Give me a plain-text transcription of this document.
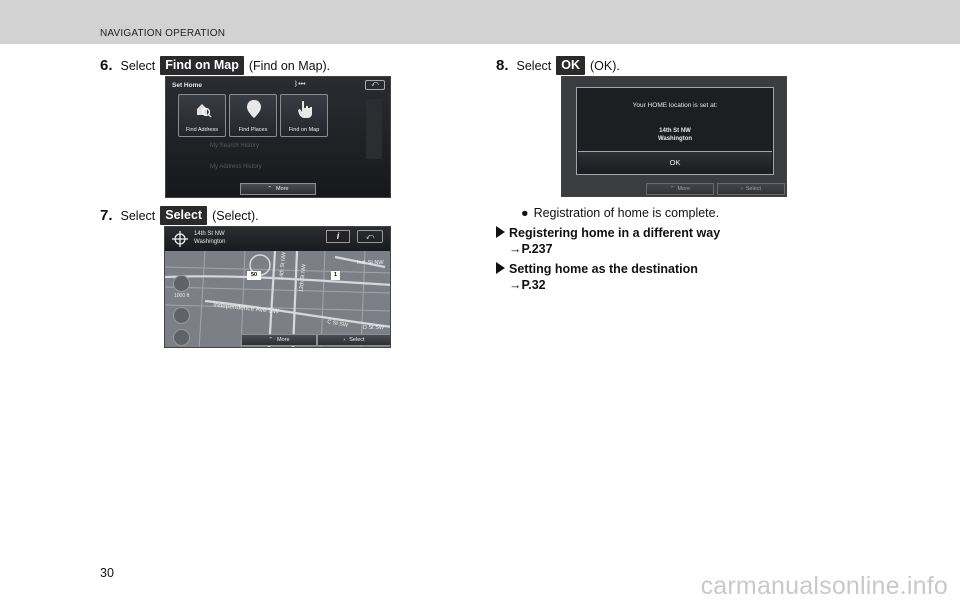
NAVIGATION OPERATION
6. Select Find on Map (Find on Map).
Set Home	ᛒ•••	⤺
Find Address	Find Places	Find on Map
My Search History
My Address History
⌃ More
7. Select Select (Select).
14th St NW
Washington
i	⤺
1000 ft
50	1
Independence Ave SW
14th St NW 12th St NW
Ind. St NW
C St SW	D St SW
⌃ More	› Select
8. Select OK (OK).
Your HOME location is set at:
14th St NW
Washington
OK
⌃ More	› Select
● Registration of home is complete.
Registering home in a different way
→P.237
Setting home as the destination
→P.32
30	carmanualsonline.info
